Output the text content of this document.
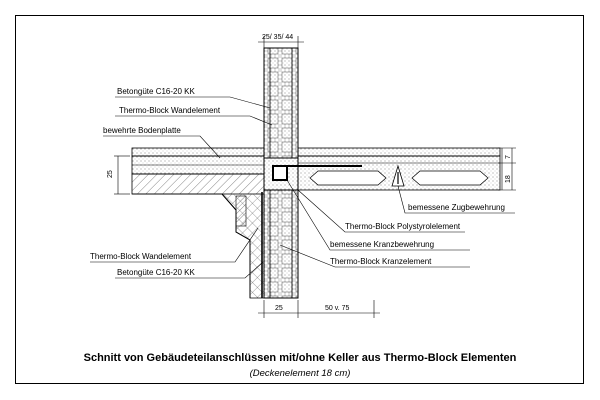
Betongüte C16-20 KK
Thermo-Block Wandelement
bewehrte Bodenplatte
Thermo-Block Wandelement
Betongüte C16-20 KK
bemessene Zugbewehrung
Thermo-Block Polystyrolelement
bemessene Kranzbewehrung
Thermo-Block Kranzelement
25/ 35/ 44
25
18
7
25	50 v. 75
Schnitt von Gebäudeteilanschlüssen mit/ohne Keller aus Thermo-Block Elementen
(Deckenelement 18 cm)
